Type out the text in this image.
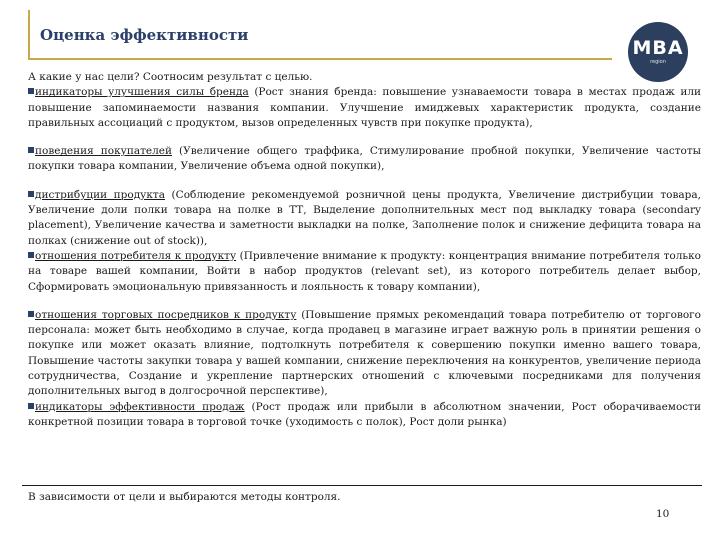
Оценка эффективности
MBA
region

А какие у нас цели? Соотносим результат с целью.

индикаторы улучшения силы бренда (Рост знания бренда: повышение узнаваемости товара в местах продаж или повышение запоминаемости названия компании. Улучшение имиджевых характеристик продукта, создание правильных ассоциаций с продуктом, вызов определенных чувств при покупке продукта),

поведения покупателей (Увеличение общего траффика, Стимулирование пробной покупки, Увеличение частоты покупки товара компании, Увеличение объема одной покупки),

дистрибуции продукта (Соблюдение рекомендуемой розничной цены продукта, Увеличение дистрибуции товара, Увеличение доли полки товара на полке в ТТ, Выделение дополнительных мест под выкладку товара (secondary placement), Увеличение качества и заметности выкладки на полке, Заполнение полок и снижение дефицита товара на полках (снижение out of stock)),

отношения потребителя к продукту (Привлечение внимание к продукту: концентрация внимание потребителя только на товаре вашей компании, Войти в набор продуктов (relevant set), из которого потребитель делает выбор, Сформировать эмоциональную привязанность и лояльность к товару компании),

отношения торговых посредников к продукту (Повышение прямых рекомендаций товара потребителю от торгового персонала: может быть необходимо в случае, когда продавец в магазине играет важную роль в принятии решения о покупке или может оказать влияние, подтолкнуть потребителя к совершению покупки именно вашего товара, Повышение частоты закупки товара у вашей компании, снижение переключения на конкурентов, увеличение периода сотрудничества, Создание и укрепление партнерских отношений с ключевыми посредниками для получения дополнительных выгод в долгосрочной перспективе),

индикаторы эффективности продаж (Рост продаж или прибыли в абсолютном значении, Рост оборачиваемости конкретной позиции товара в торговой точке (уходимость с полок), Рост доли рынка)

В зависимости от цели и выбираются методы контроля.

10
